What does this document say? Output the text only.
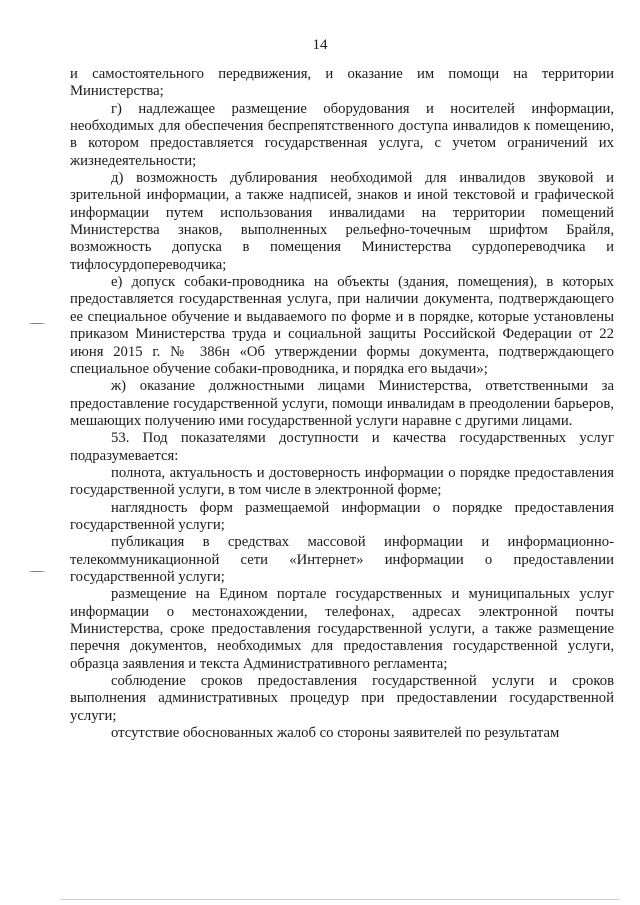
14

и самостоятельного передвижения, и оказание им помощи на территории Министерства;

г) надлежащее размещение оборудования и носителей информации, необходимых для обеспечения беспрепятственного доступа инвалидов к помещению, в котором предоставляется государственная услуга, с учетом ограничений их жизнедеятельности;

д) возможность дублирования необходимой для инвалидов звуковой и зрительной информации, а также надписей, знаков и иной текстовой и графической информации путем использования инвалидами на территории помещений Министерства знаков, выполненных рельефно-точечным шрифтом Брайля, возможность допуска в помещения Министерства сурдопереводчика и тифлосурдопереводчика;

е) допуск собаки-проводника на объекты (здания, помещения), в которых предоставляется государственная услуга, при наличии документа, подтверждающего ее специальное обучение и выдаваемого по форме и в порядке, которые установлены приказом Министерства труда и социальной защиты Российской Федерации от 22 июня 2015 г. № 386н «Об утверждении формы документа, подтверждающего специальное обучение собаки-проводника, и порядка его выдачи»;

ж) оказание должностными лицами Министерства, ответственными за предоставление государственной услуги, помощи инвалидам в преодолении барьеров, мешающих получению ими государственной услуги наравне с другими лицами.

53. Под показателями доступности и качества государственных услуг подразумевается:

полнота, актуальность и достоверность информации о порядке предоставления государственной услуги, в том числе в электронной форме;

наглядность форм размещаемой информации о порядке предоставления государственной услуги;

публикация в средствах массовой информации и информационно-телекоммуникационной сети «Интернет» информации о предоставлении государственной услуги;

размещение на Едином портале государственных и муниципальных услуг информации о местонахождении, телефонах, адресах электронной почты Министерства, сроке предоставления государственной услуги, а также размещение перечня документов, необходимых для предоставления государственной услуги, образца заявления и текста Административного регламента;

соблюдение сроков предоставления государственной услуги и сроков выполнения административных процедур при предоставлении государственной услуги;

отсутствие обоснованных жалоб со стороны заявителей по результатам
